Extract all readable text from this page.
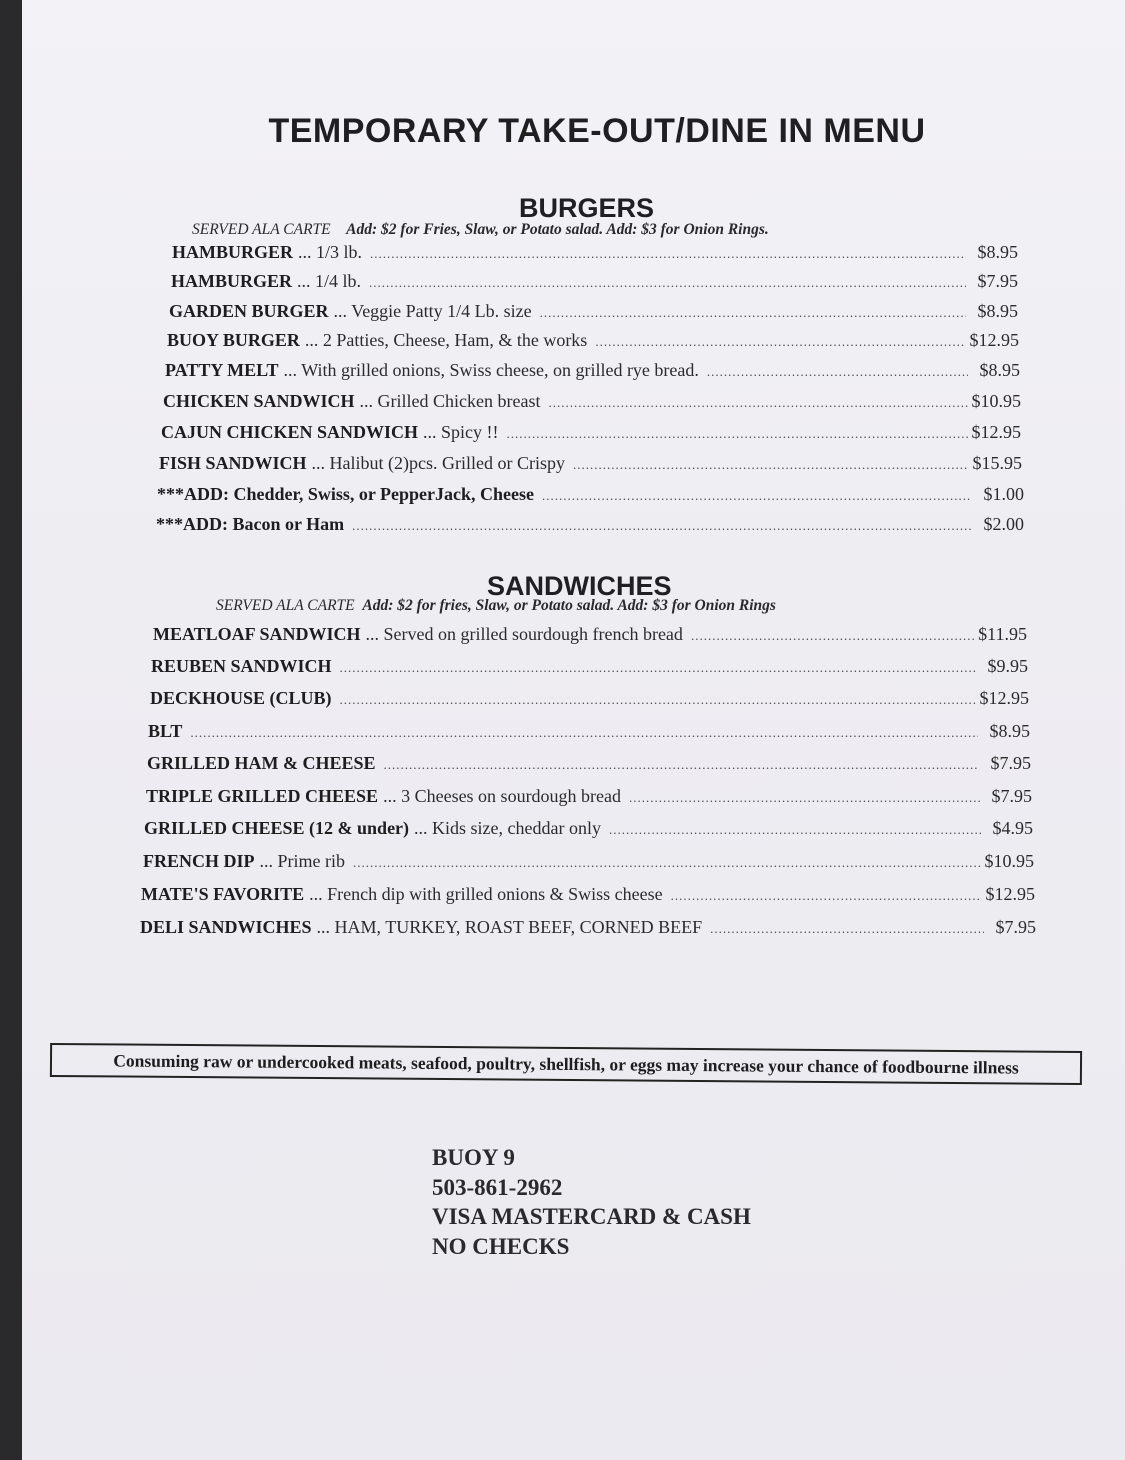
TEMPORARY TAKE-OUT/DINE IN MENU
BURGERS
SERVED ALA CARTE Add: $2 for Fries, Slaw, or Potato salad. Add: $3 for Onion Rings.
HAMBURGER ... 1/3 lb. .....	$8.95
HAMBURGER ... 1/4 lb. .....	$7.95
GARDEN BURGER ... Veggie Patty 1/4 Lb. size .....	$8.95
BUOY BURGER ... 2 Patties, Cheese, Ham, & the works .....	$12.95
PATTY MELT ... With grilled onions, Swiss cheese, on grilled rye bread. .....	$8.95
CHICKEN SANDWICH ... Grilled Chicken breast .....	$10.95
CAJUN CHICKEN SANDWICH ... Spicy !! .....	$12.95
FISH SANDWICH ... Halibut (2)pcs. Grilled or Crispy .....	$15.95
***ADD: Chedder, Swiss, or PepperJack, Cheese .....	$1.00
***ADD: Bacon or Ham .....	$2.00
SANDWICHES
SERVED ALA CARTE Add: $2 for fries, Slaw, or Potato salad. Add: $3 for Onion Rings
MEATLOAF SANDWICH ... Served on grilled sourdough french bread .....	$11.95
REUBEN SANDWICH .....	$9.95
DECKHOUSE (CLUB) .....	$12.95
BLT .....	$8.95
GRILLED HAM & CHEESE .....	$7.95
TRIPLE GRILLED CHEESE ... 3 Cheeses on sourdough bread .....	$7.95
GRILLED CHEESE (12 & under) ... Kids size, cheddar only .....	$4.95
FRENCH DIP ... Prime rib .....	$10.95
MATE'S FAVORITE ... French dip with grilled onions & Swiss cheese .....	$12.95
DELI SANDWICHES ... HAM, TURKEY, ROAST BEEF, CORNED BEEF .....	$7.95
Consuming raw or undercooked meats, seafood, poultry, shellfish, or eggs may increase your chance of foodbourne illness
BUOY 9
503-861-2962
VISA MASTERCARD & CASH
NO CHECKS
